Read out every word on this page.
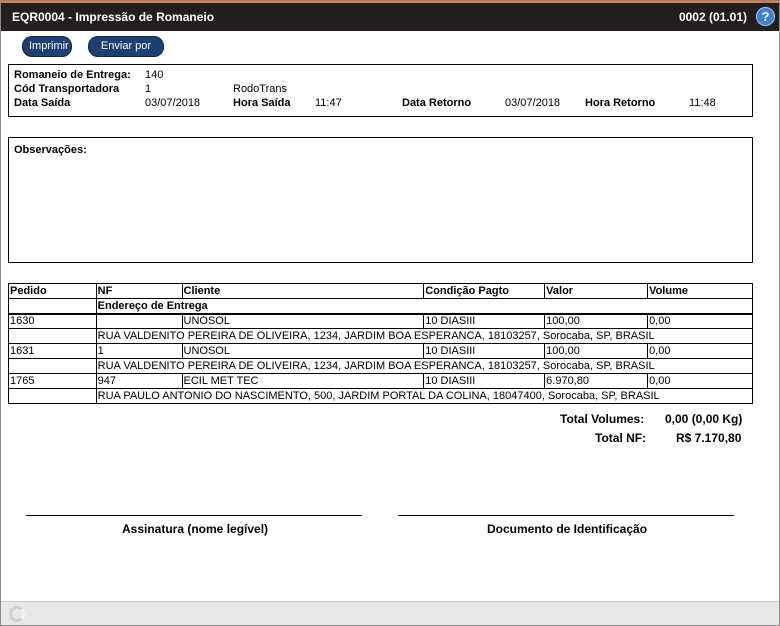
EQR0004 - Impressão de Romaneio	0002 (01.01)	?
Imprimir	Enviar por
Romaneio de Entrega: 140
Cód Transportadora 1	RodoTrans
Data Saída	03/07/2018	Hora Saída 11:47	Data Retorno	03/07/2018 Hora Retorno	11:48
Observações:
Pedido	NF	Cliente	Condição Pagto	Valor	Volume
	Endereço de Entrega				
1630		UNOSOL	10 DIASIII	100,00	0,00
	RUA VALDENITO PEREIRA DE OLIVEIRA, 1234, JARDIM BOA ESPERANCA, 18103257, Sorocaba, SP, BRASIL				
1631	1	UNOSOL	10 DIASIII	100,00	0,00
	RUA VALDENITO PEREIRA DE OLIVEIRA, 1234, JARDIM BOA ESPERANCA, 18103257, Sorocaba, SP, BRASIL				
1765	947	ECIL MET TEC	10 DIASIII	6.970,80	0,00
	RUA PAULO ANTONIO DO NASCIMENTO, 500, JARDIM PORTAL DA COLINA, 18047400, Sorocaba, SP, BRASIL				
Total Volumes: 0,00 (0,00 Kg)
Total NF: R$ 7.170,80
Assinatura (nome legível)	Documento de Identificação
